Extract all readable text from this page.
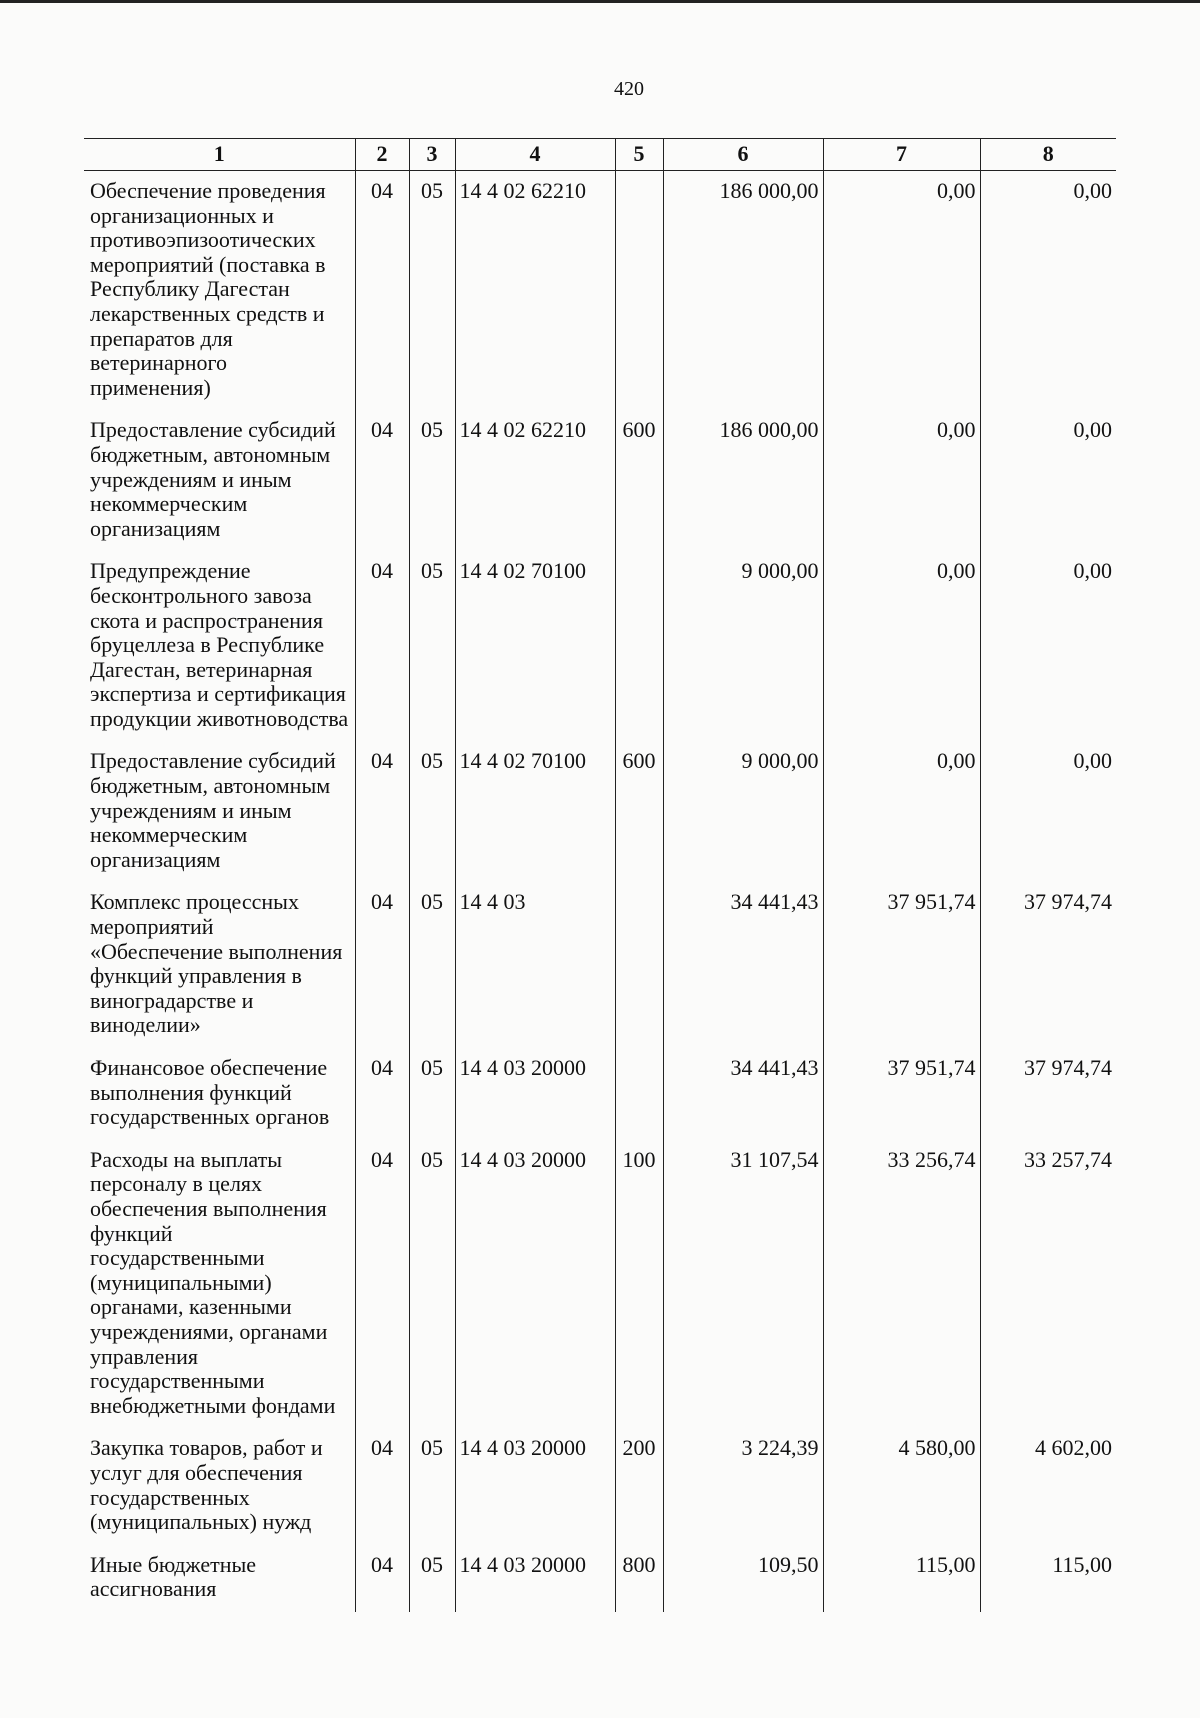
420
1	2	3	4	5	6	7	8
Обеспечение проведения организационных и противоэпизоотических мероприятий (поставка в Республику Дагестан лекарственных средств и препаратов для ветеринарного применения)	04	05	14 4 02 62210		186 000,00	0,00	0,00
Предоставление субсидий бюджетным, автономным учреждениям и иным некоммерческим организациям	04	05	14 4 02 62210	600	186 000,00	0,00	0,00
Предупреждение бесконтрольного завоза скота и распространения бруцеллеза в Республике Дагестан, ветеринарная экспертиза и сертификация продукции животноводства	04	05	14 4 02 70100		9 000,00	0,00	0,00
Предоставление субсидий бюджетным, автономным учреждениям и иным некоммерческим организациям	04	05	14 4 02 70100	600	9 000,00	0,00	0,00
Комплекс процессных мероприятий «Обеспечение выполнения функций управления в виноградарстве и виноделии»	04	05	14 4 03		34 441,43	37 951,74	37 974,74
Финансовое обеспечение выполнения функций государственных органов	04	05	14 4 03 20000		34 441,43	37 951,74	37 974,74
Расходы на выплаты персоналу в целях обеспечения выполнения функций государственными (муниципальными) органами, казенными учреждениями, органами управления государственными внебюджетными фондами	04	05	14 4 03 20000	100	31 107,54	33 256,74	33 257,74
Закупка товаров, работ и услуг для обеспечения государственных (муниципальных) нужд	04	05	14 4 03 20000	200	3 224,39	4 580,00	4 602,00
Иные бюджетные ассигнования	04	05	14 4 03 20000	800	109,50	115,00	115,00
